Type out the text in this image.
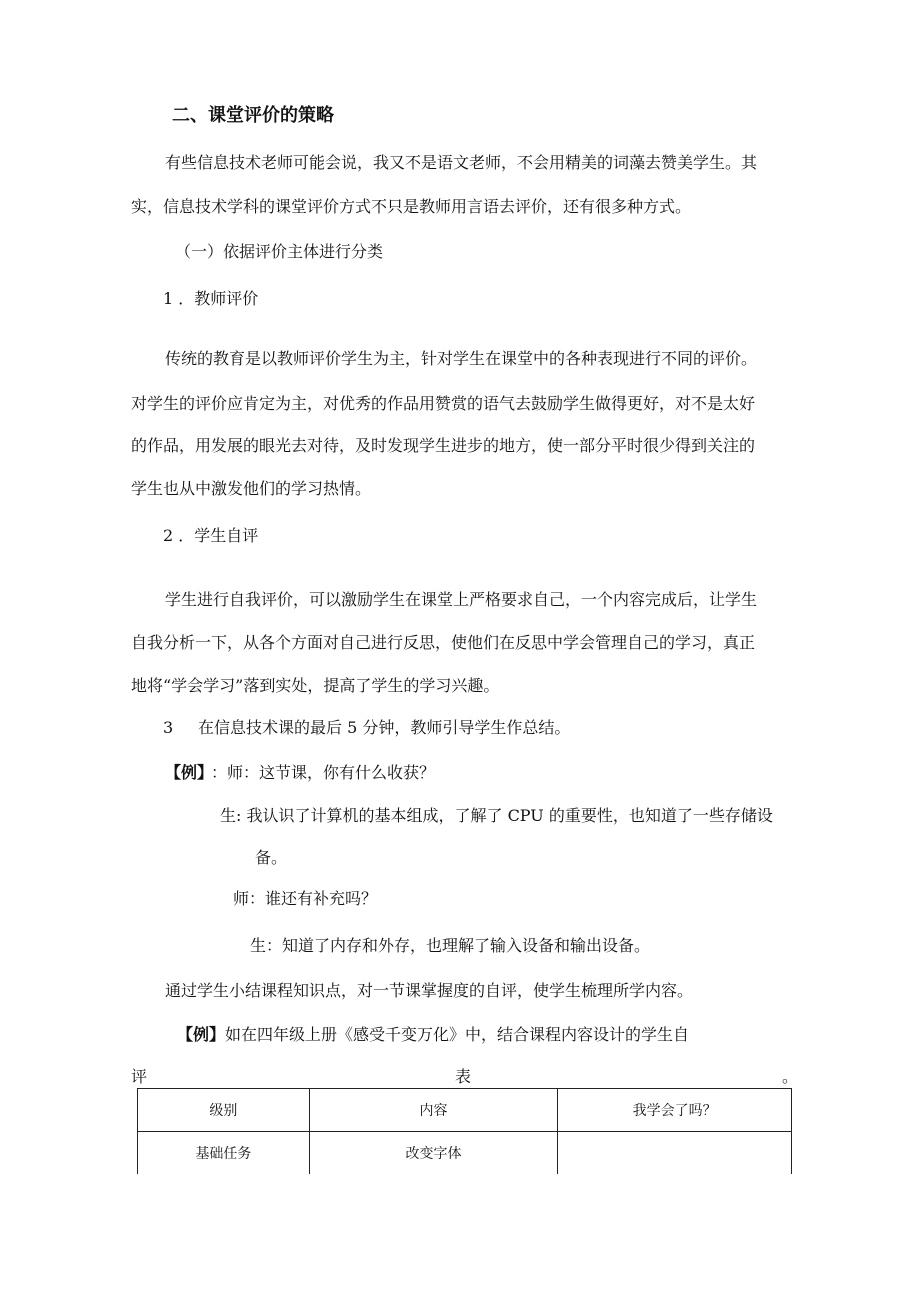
二、课堂评价的策略
有些信息技术老师可能会说，我又不是语文老师，不会用精美的词藻去赞美学生。其
实，信息技术学科的课堂评价方式不只是教师用言语去评价，还有很多种方式。
（一）依据评价主体进行分类
1 ．教师评价
传统的教育是以教师评价学生为主，针对学生在课堂中的各种表现进行不同的评价。
对学生的评价应肯定为主，对优秀的作品用赞赏的语气去鼓励学生做得更好，对不是太好
的作品，用发展的眼光去对待，及时发现学生进步的地方，使一部分平时很少得到关注的
学生也从中激发他们的学习热情。
2 ．学生自评
学生进行自我评价，可以激励学生在课堂上严格要求自己，一个内容完成后，让学生
自我分析一下，从各个方面对自己进行反思，使他们在反思中学会管理自己的学习，真正
地将“学会学习”落到实处，提高了学生的学习兴趣。
3 在信息技术课的最后 5 分钟，教师引导学生作总结。
【例】
：师：这节课，你有什么收获？
生: 我认识了计算机的基本组成，了解了 CPU 的重要性，也知道了一些存储设
备。
师：谁还有补充吗？
生：知道了内存和外存，也理解了输入设备和输出设备。
通过学生小结课程知识点，对一节课掌握度的自评，使学生梳理所学内容。
【例】 如在四年级上册《感受千变万化》中，结合课程内容设计的学生自
评	表	。
级别	内容	我学会了吗？
基础任务	改变字体	
